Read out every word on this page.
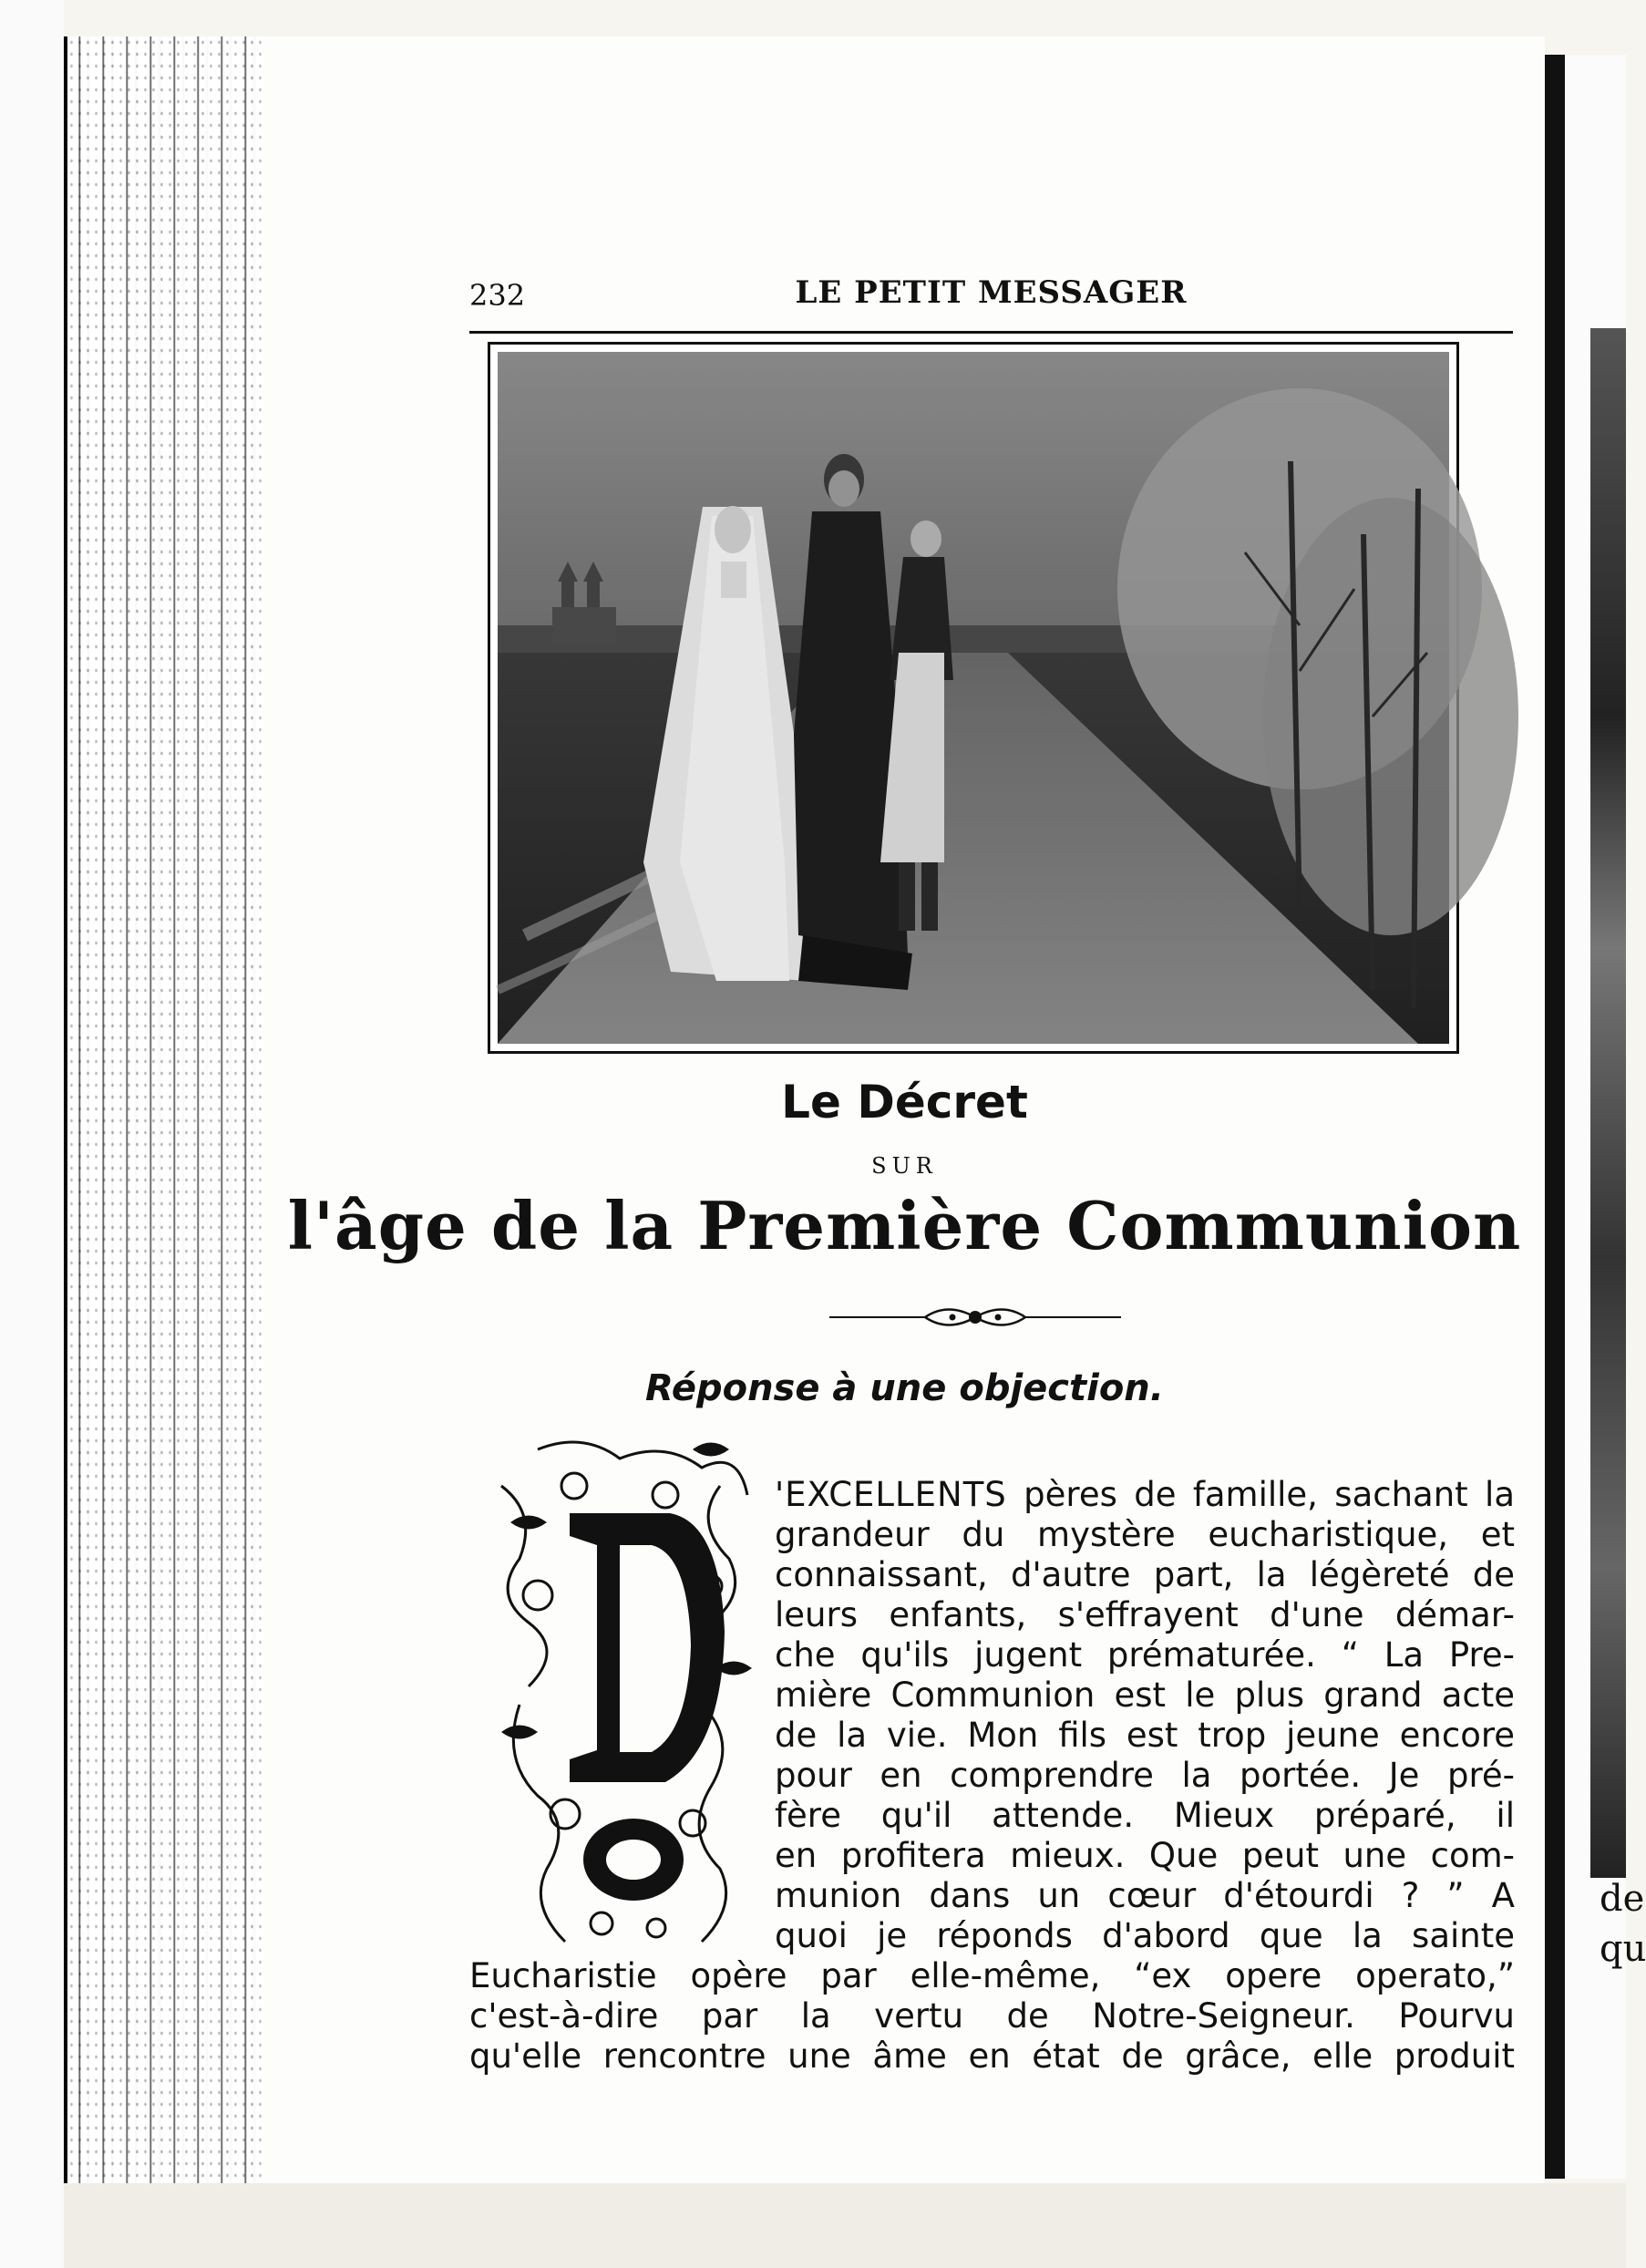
de
qu
232	LE PETIT MESSAGER
Le Décret
SUR
l'âge de la Première Communion
Réponse à une objection.
'EXCELLENTS pères de famille, sachant la
grandeur du mystère eucharistique, et
connaissant, d'autre part, la légèreté de
leurs enfants, s'effrayent d'une démar-
che qu'ils jugent prématurée. “ La Pre-
mière Communion est le plus grand acte
de la vie. Mon fils est trop jeune encore
pour en comprendre la portée. Je pré-
fère qu'il attende. Mieux préparé, il
en profitera mieux. Que peut une com-
munion dans un cœur d'étourdi ? ” A
quoi je réponds d'abord que la sainte
Eucharistie opère par elle-même, “ex opere operato,”
c'est-à-dire par la vertu de Notre-Seigneur. Pourvu
qu'elle rencontre une âme en état de grâce, elle produit
